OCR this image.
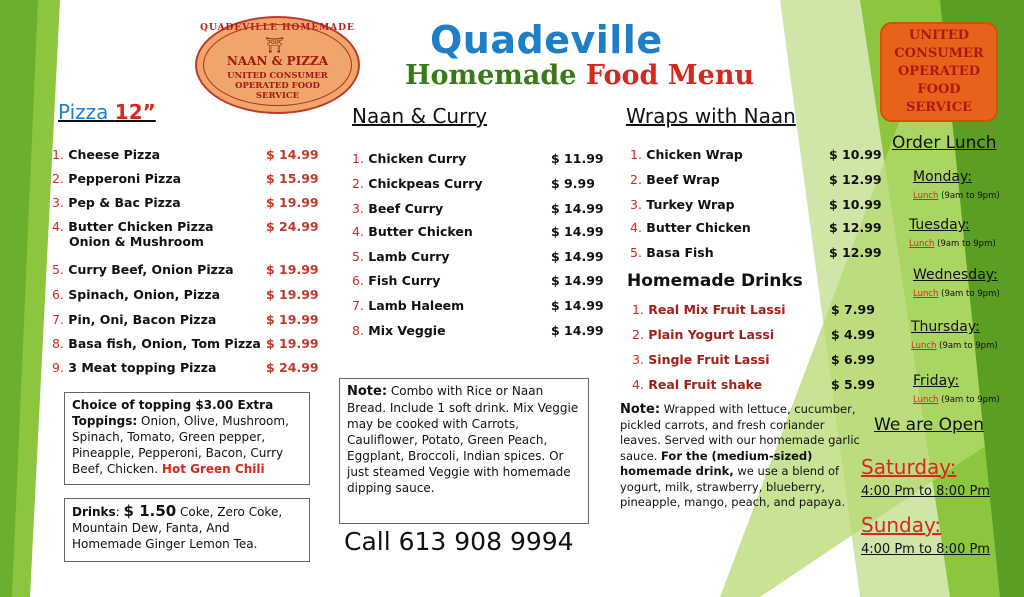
QUADEVILLE HOMEMADE
⛩
NAAN & PIZZA
UNITED CONSUMER
OPERATED FOOD
SERVICE
Quadeville
Homemade Food Menu
UNITED
CONSUMER
OPERATED
FOOD
SERVICE
Pizza 12”
1. Cheese Pizza	$ 14.99
2. Pepperoni Pizza	$ 15.99
3. Pep & Bac Pizza	$ 19.99
4. Butter Chicken Pizza
Onion & Mushroom
$ 24.99
5. Curry Beef, Onion Pizza	$ 19.99
6. Spinach, Onion, Pizza	$ 19.99
7. Pin, Oni, Bacon Pizza	$ 19.99
8. Basa fish, Onion, Tom Pizza $ 19.99
9. 3 Meat topping Pizza	$ 24.99
Choice of topping $3.00 Extra
Toppings: Onion, Olive, Mushroom, Spinach, Tomato, Green pepper, Pineapple, Pepperoni, Bacon, Curry Beef, Chicken. Hot Green Chili
Drinks: $ 1.50 Coke, Zero Coke, Mountain Dew, Fanta, And Homemade Ginger Lemon Tea.
Naan & Curry
1. Chicken Curry	$ 11.99
2. Chickpeas Curry	$ 9.99
3. Beef Curry	$ 14.99
4. Butter Chicken	$ 14.99
5. Lamb Curry	$ 14.99
6. Fish Curry	$ 14.99
7. Lamb Haleem	$ 14.99
8. Mix Veggie	$ 14.99
Note: Combo with Rice or Naan Bread. Include 1 soft drink. Mix Veggie may be cooked with Carrots, Cauliflower, Potato, Green Peach, Eggplant, Broccoli, Indian spices. Or just steamed Veggie with homemade dipping sauce.
Call 613 908 9994
Wraps with Naan
1. Chicken Wrap	$ 10.99
2. Beef Wrap	$ 12.99
3. Turkey Wrap	$ 10.99
4. Butter Chicken	$ 12.99
5. Basa Fish	$ 12.99
Homemade Drinks
1. Real Mix Fruit Lassi	$ 7.99
2. Plain Yogurt Lassi	$ 4.99
3. Single Fruit Lassi	$ 6.99
4. Real Fruit shake	$ 5.99
Note: Wrapped with lettuce, cucumber, pickled carrots, and fresh coriander leaves. Served with our homemade garlic sauce. For the (medium-sized) homemade drink, we use a blend of yogurt, milk, strawberry, blueberry, pineapple, mango, peach, and papaya.
Order Lunch
Monday:
Lunch (9am to 9pm)
Tuesday:
Lunch (9am to 9pm)
Wednesday:
Lunch (9am to 9pm)
Thursday:
Lunch (9am to 9pm)
Friday:
Lunch (9am to 9pm)
We are Open
Saturday:
4:00 Pm to 8:00 Pm
Sunday:
4:00 Pm to 8:00 Pm
